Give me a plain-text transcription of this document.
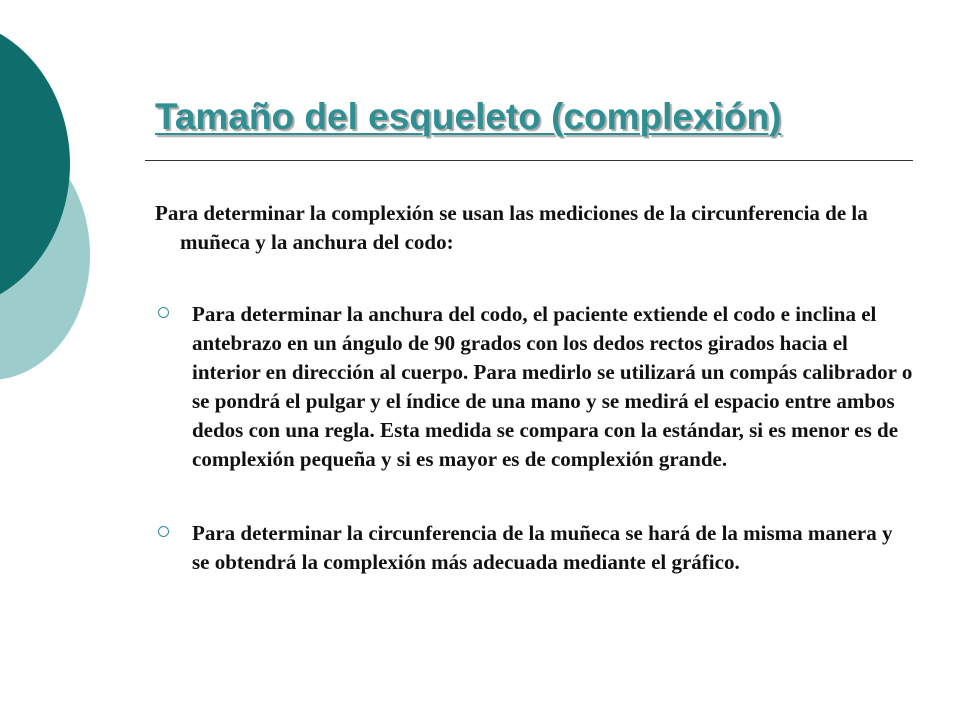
Tamaño del esqueleto (complexión)

Para determinar la complexión se usan las mediciones de la circunferencia de la muñeca y la anchura del codo:

Para determinar la anchura del codo, el paciente extiende el codo e inclina el antebrazo en un ángulo de 90 grados con los dedos rectos girados hacia el interior en dirección al cuerpo. Para medirlo se utilizará un compás calibrador o se pondrá el pulgar y el índice de una mano y se medirá el espacio entre ambos dedos con una regla. Esta medida se compara con la estándar, si es menor es de complexión pequeña y si es mayor es de complexión grande.
Para determinar la circunferencia de la muñeca se hará de la misma manera y se obtendrá la complexión más adecuada mediante el gráfico.
